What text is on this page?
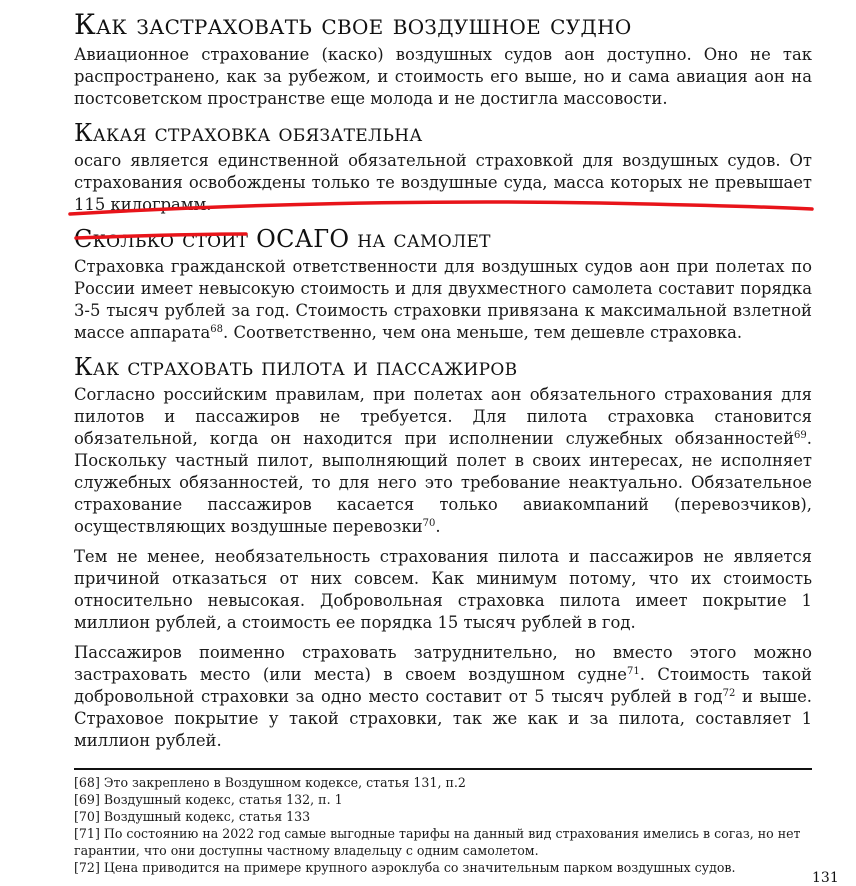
Как застраховать свое воздушное судно

Авиационное страхование (каско) воздушных судов аон доступно. Оно не так распространено, как за рубежом, и стоимость его выше, но и сама авиация аон на постсоветском пространстве еще молода и не достигла массовости.

Какая страховка обязательна

осаго является единственной обязательной страховкой для воздушных судов. От страхования освобождены только те воздушные суда, масса которых не превышает 115 килограмм.

Сколько стоит ОСАГО на самолет

Страховка гражданской ответственности для воздушных судов аон при полетах по России имеет невысокую стоимость и для двухместного самолета составит порядка 3-5 тысяч рублей за год. Стоимость страховки привязана к максимальной взлетной массе аппарата$^{68}$. Соответственно, чем она меньше, тем дешевле страховка.

Как страховать пилота и пассажиров

Согласно российским правилам, при полетах аон обязательного страхования для пилотов и пассажиров не требуется. Для пилота страховка становится обязательной, когда он находится при исполнении служебных обязанностей$^{69}$. Поскольку частный пилот, выполняющий полет в своих интересах, не исполняет служебных обязанностей, то для него это требование неактуально. Обязательное страхование пассажиров касается только авиакомпаний (перевозчиков), осуществляющих воздушные перевозки$^{70}$.

Тем не менее, необязательность страхования пилота и пассажиров не является причиной отказаться от них совсем. Как минимум потому, что их стоимость относительно невысокая. Добровольная страховка пилота имеет покрытие 1 миллион рублей, а стоимость ее порядка 15 тысяч рублей в год.

Пассажиров поименно страховать затруднительно, но вместо этого можно застраховать место (или места) в своем воздушном судне$^{71}$. Стоимость такой добровольной страховки за одно место составит от 5 тысяч рублей в год$^{72}$ и выше. Страховое покрытие у такой страховки, так же как и за пилота, составляет 1 миллион рублей.

[68] Это закреплено в Воздушном кодексе, статья 131, п.2
[69] Воздушный кодекс, статья 132, п. 1
[70] Воздушный кодекс, статья 133
[71] По состоянию на 2022 год самые выгодные тарифы на данный вид страхования имелись в согаз, но нет гарантии, что они доступны частному владельцу с одним самолетом.
[72] Цена приводится на примере крупного аэроклуба со значительным парком воздушных судов.
131
